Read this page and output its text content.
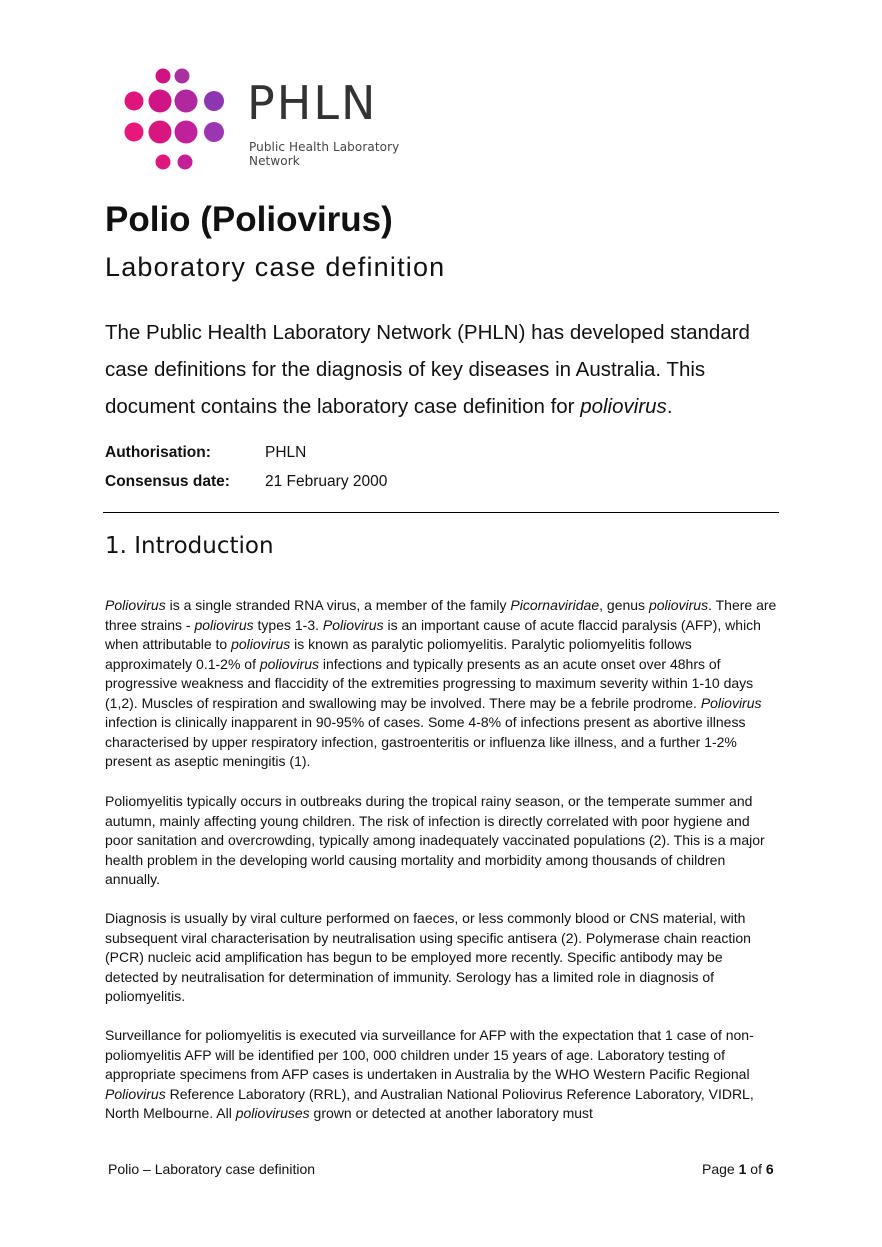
PHLN
Public Health Laboratory Network
Polio (Poliovirus)
Laboratory case definition

The Public Health Laboratory Network (PHLN) has developed standard case definitions for the diagnosis of key diseases in Australia. This document contains the laboratory case definition for poliovirus.

Authorisation:	PHLN
Consensus date:	21 February 2000
1. Introduction

Poliovirus is a single stranded RNA virus, a member of the family Picornaviridae, genus poliovirus. There are three strains - poliovirus types 1-3. Poliovirus is an important cause of acute flaccid paralysis (AFP), which when attributable to poliovirus is known as paralytic poliomyelitis. Paralytic poliomyelitis follows approximately 0.1-2% of poliovirus infections and typically presents as an acute onset over 48hrs of progressive weakness and flaccidity of the extremities progressing to maximum severity within 1-10 days (1,2). Muscles of respiration and swallowing may be involved. There may be a febrile prodrome. Poliovirus infection is clinically inapparent in 90-95% of cases. Some 4-8% of infections present as abortive illness characterised by upper respiratory infection, gastroenteritis or influenza like illness, and a further 1-2% present as aseptic meningitis (1).

Poliomyelitis typically occurs in outbreaks during the tropical rainy season, or the temperate summer and autumn, mainly affecting young children. The risk of infection is directly correlated with poor hygiene and poor sanitation and overcrowding, typically among inadequately vaccinated populations (2). This is a major health problem in the developing world causing mortality and morbidity among thousands of children annually.

Diagnosis is usually by viral culture performed on faeces, or less commonly blood or CNS material, with subsequent viral characterisation by neutralisation using specific antisera (2). Polymerase chain reaction (PCR) nucleic acid amplification has begun to be employed more recently. Specific antibody may be detected by neutralisation for determination of immunity. Serology has a limited role in diagnosis of poliomyelitis.

Surveillance for poliomyelitis is executed via surveillance for AFP with the expectation that 1 case of non-poliomyelitis AFP will be identified per 100, 000 children under 15 years of age. Laboratory testing of appropriate specimens from AFP cases is undertaken in Australia by the WHO Western Pacific Regional Poliovirus Reference Laboratory (RRL), and Australian National Poliovirus Reference Laboratory, VIDRL, North Melbourne. All polioviruses grown or detected at another laboratory must

Polio – Laboratory case definition	Page 1 of 6
